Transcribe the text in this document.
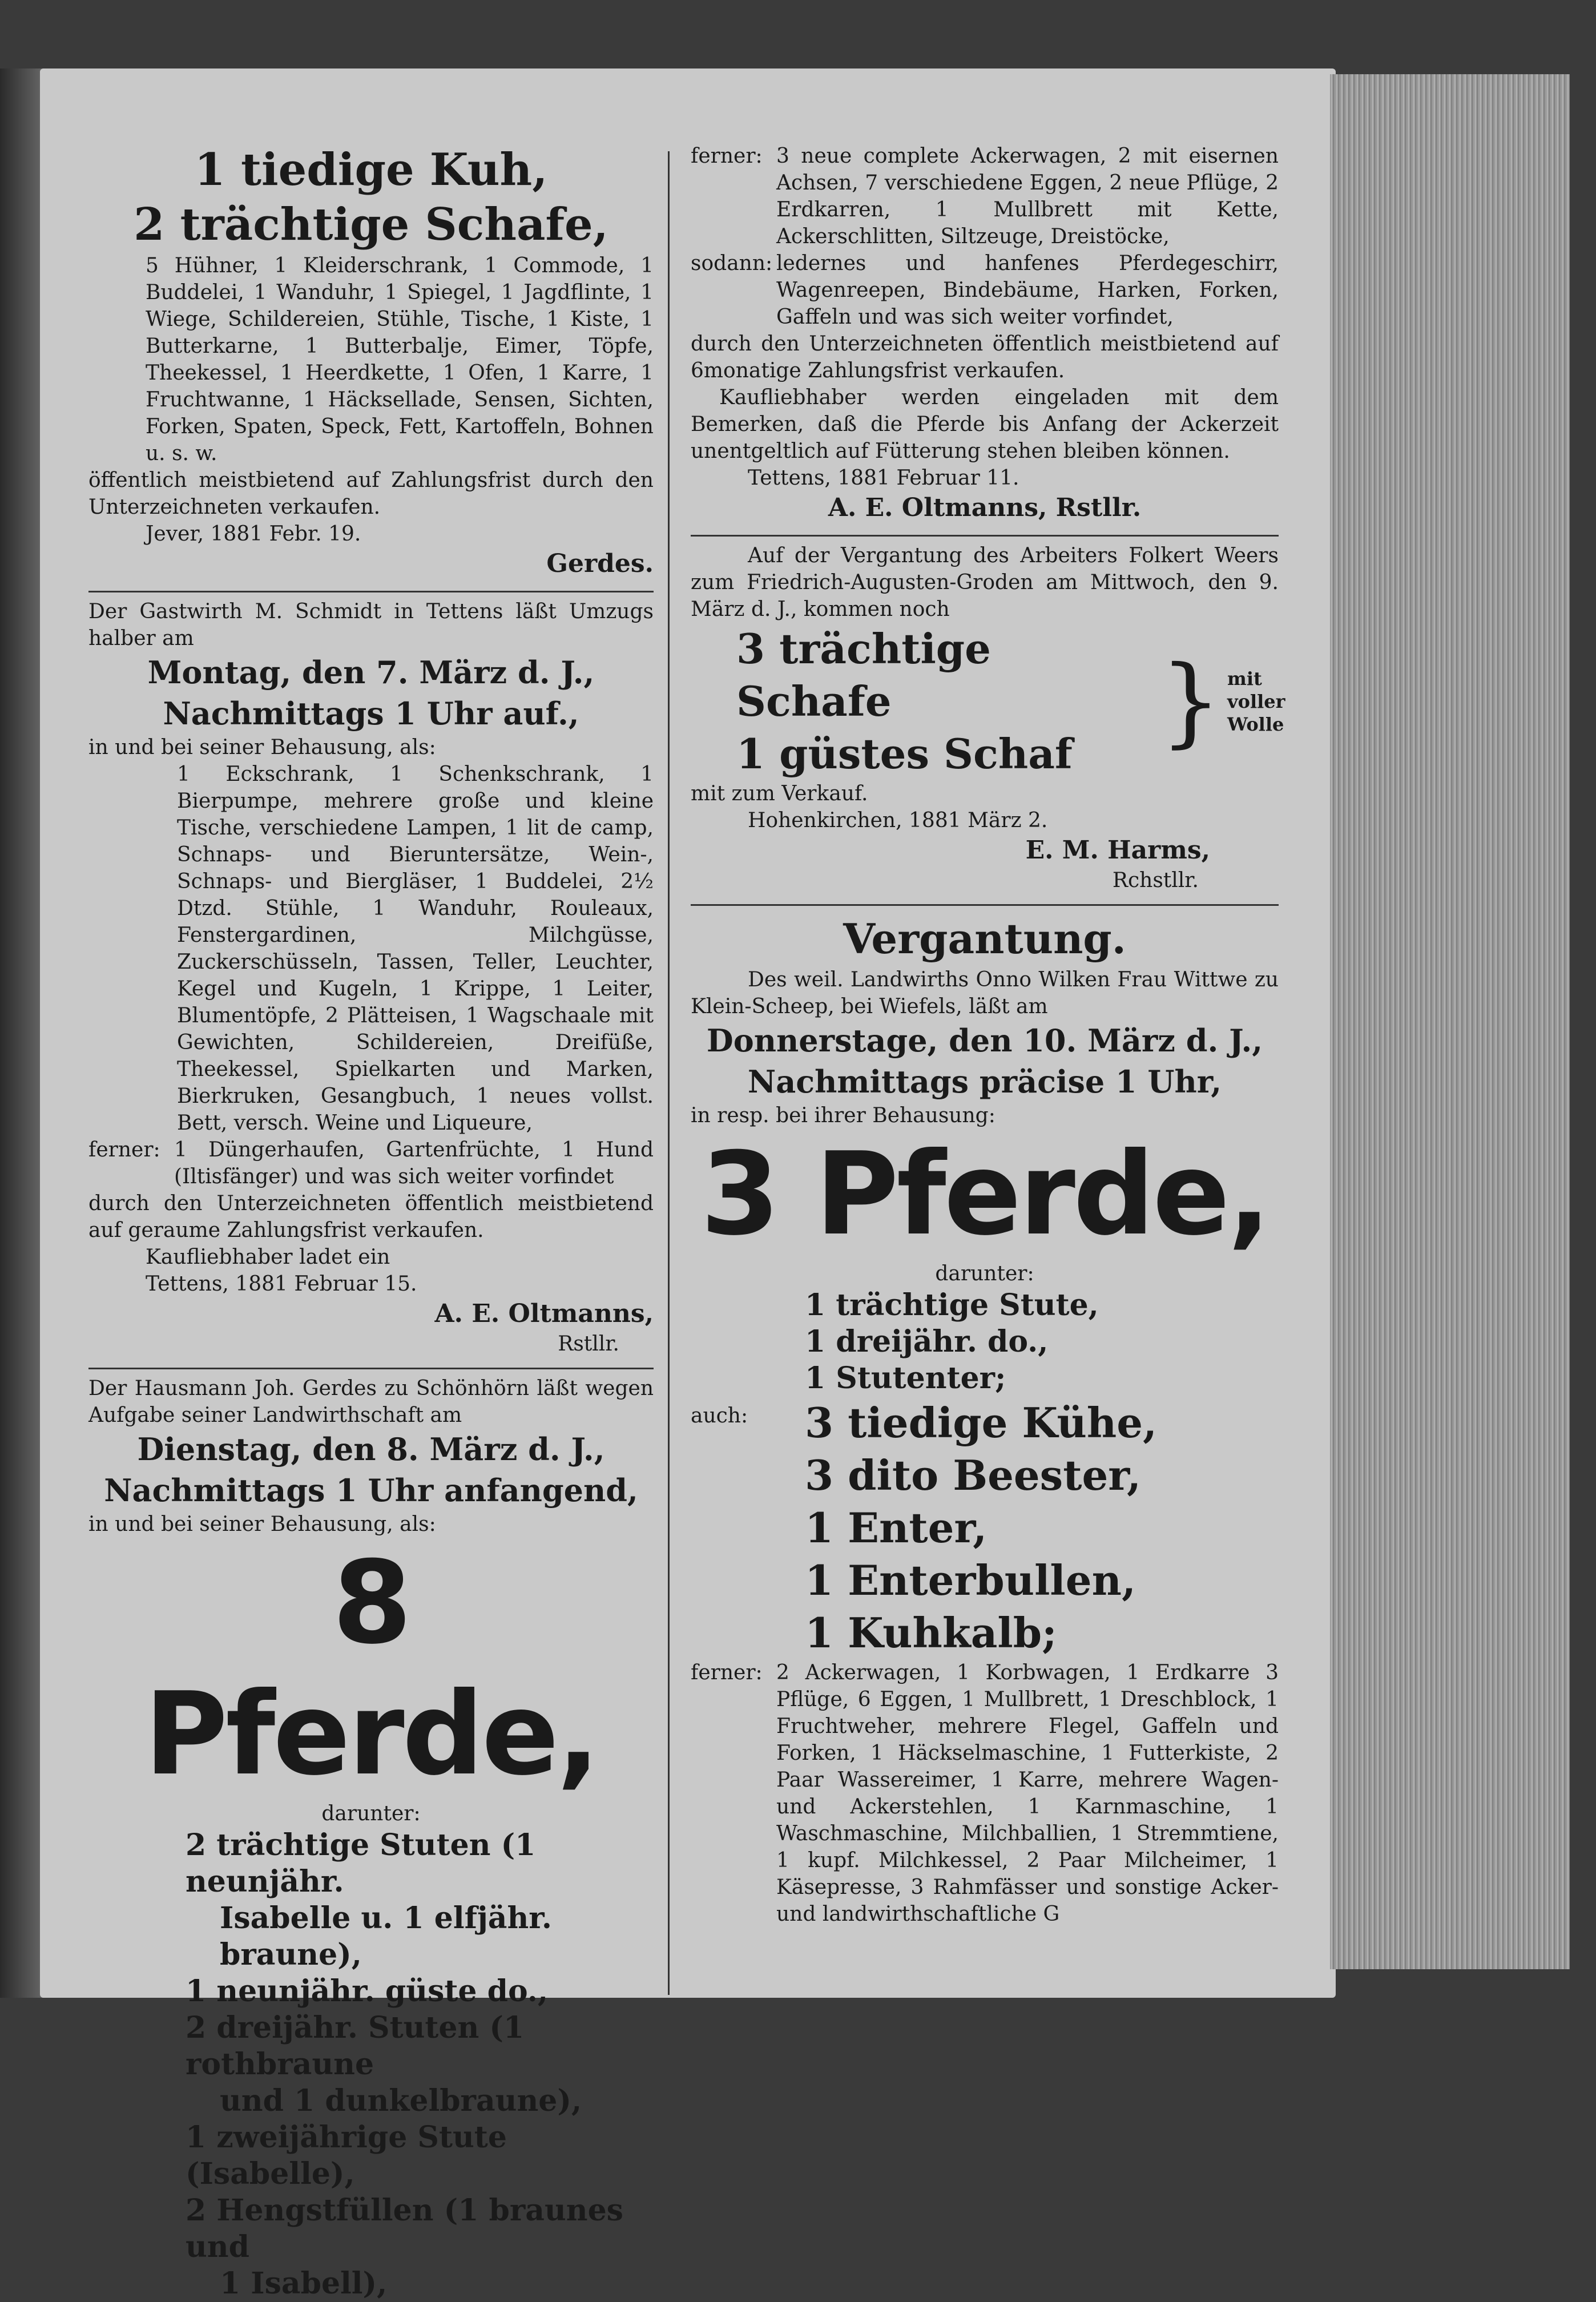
1 tiedige Kuh,
2 trächtige Schafe,
5 Hühner, 1 Kleiderschrank, 1 Commode, 1 Buddelei, 1 Wanduhr, 1 Spiegel, 1 Jagdflinte, 1 Wiege, Schildereien, Stühle, Tische, 1 Kiste, 1 Butterkarne, 1 Butterbalje, Eimer, Töpfe, Theekessel, 1 Heerdkette, 1 Ofen, 1 Karre, 1 Fruchtwanne, 1 Häcksellade, Sensen, Sichten, Forken, Spaten, Speck, Fett, Kartoffeln, Bohnen u. s. w.
öffentlich meistbietend auf Zahlungsfrist durch den Unterzeichneten verkaufen.
Jever, 1881 Febr. 19.
Gerdes.
Der Gastwirth M. Schmidt in Tettens läßt Umzugs halber am
Montag, den 7. März d. J.,
Nachmittags 1 Uhr auf.,
in und bei seiner Behausung, als:
1 Eckschrank, 1 Schenkschrank, 1 Bierpumpe, mehrere große und kleine Tische, verschiedene Lampen, 1 lit de camp, Schnaps- und Bieruntersätze, Wein-, Schnaps- und Biergläser, 1 Buddelei, 2½ Dtzd. Stühle, 1 Wanduhr, Rouleaux, Fenstergardinen, Milchgüsse, Zuckerschüsseln, Tassen, Teller, Leuchter, Kegel und Kugeln, 1 Krippe, 1 Leiter, Blumentöpfe, 2 Plätteisen, 1 Wagschaale mit Gewichten, Schildereien, Dreifüße, Theekessel, Spielkarten und Marken, Bierkruken, Gesangbuch, 1 neues vollst. Bett, versch. Weine und Liqueure,
ferner: 1 Düngerhaufen, Gartenfrüchte, 1 Hund (Iltisfänger) und was sich weiter vorfindet
durch den Unterzeichneten öffentlich meistbietend auf geraume Zahlungsfrist verkaufen.
Kaufliebhaber ladet ein
Tettens, 1881 Februar 15.
A. E. Oltmanns,
Rstllr.
Der Hausmann Joh. Gerdes zu Schönhörn läßt wegen Aufgabe seiner Landwirthschaft am
Dienstag, den 8. März d. J.,
Nachmittags 1 Uhr anfangend,
in und bei seiner Behausung, als:
8 Pferde,
darunter:
2 trächtige Stuten (1 neunjähr.
Isabelle u. 1 elfjähr. braune),
1 neunjähr. güste do.,
2 dreijähr. Stuten (1 rothbraune
und 1 dunkelbraune),
1 zweijährige Stute (Isabelle),
2 Hengstfüllen (1 braunes und
1 Isabell),
ferner: 3 neue complete Ackerwagen, 2 mit eisernen Achsen, 7 verschiedene Eggen, 2 neue Pflüge, 2 Erdkarren, 1 Mullbrett mit Kette, Ackerschlitten, Siltzeuge, Dreistöcke,
sodann: ledernes und hanfenes Pferdegeschirr, Wagenreepen, Bindebäume, Harken, Forken, Gaffeln und was sich weiter vorfindet,
durch den Unterzeichneten öffentlich meistbietend auf 6monatige Zahlungsfrist verkaufen.
Kaufliebhaber werden eingeladen mit dem Bemerken, daß die Pferde bis Anfang der Ackerzeit unentgeltlich auf Fütterung stehen bleiben können.
Tettens, 1881 Februar 11.
A. E. Oltmanns, Rstllr.
Auf der Vergantung des Arbeiters Folkert Weers zum Friedrich-Augusten-Groden am Mittwoch, den 9. März d. J., kommen noch
3 trächtige Schafe
1 güstes Schaf } mit voller Wolle
mit zum Verkauf.
Hohenkirchen, 1881 März 2.
E. M. Harms,
Rchstllr.
Vergantung.
Des weil. Landwirths Onno Wilken Frau Wittwe zu Klein-Scheep, bei Wiefels, läßt am
Donnerstage, den 10. März d. J.,
Nachmittags präcise 1 Uhr,
in resp. bei ihrer Behausung:
3 Pferde,
darunter:
1 trächtige Stute,
1 dreijähr. do.,
1 Stutenter;
auch:	3 tiedige Kühe,
3 dito Beester,
1 Enter,
1 Enterbullen,
1 Kuhkalb;
ferner: 2 Ackerwagen, 1 Korbwagen, 1 Erdkarre 3 Pflüge, 6 Eggen, 1 Mullbrett, 1 Dreschblock, 1 Fruchtweher, mehrere Flegel, Gaffeln und Forken, 1 Häckselmaschine, 1 Futterkiste, 2 Paar Wassereimer, 1 Karre, mehrere Wagen- und Ackerstehlen, 1 Karnmaschine, 1 Waschmaschine, Milchballien, 1 Stremmtiene, 1 kupf. Milchkessel, 2 Paar Milcheimer, 1 Käsepresse, 3 Rahmfässer und sonstige Acker- und landwirthschaftliche G
